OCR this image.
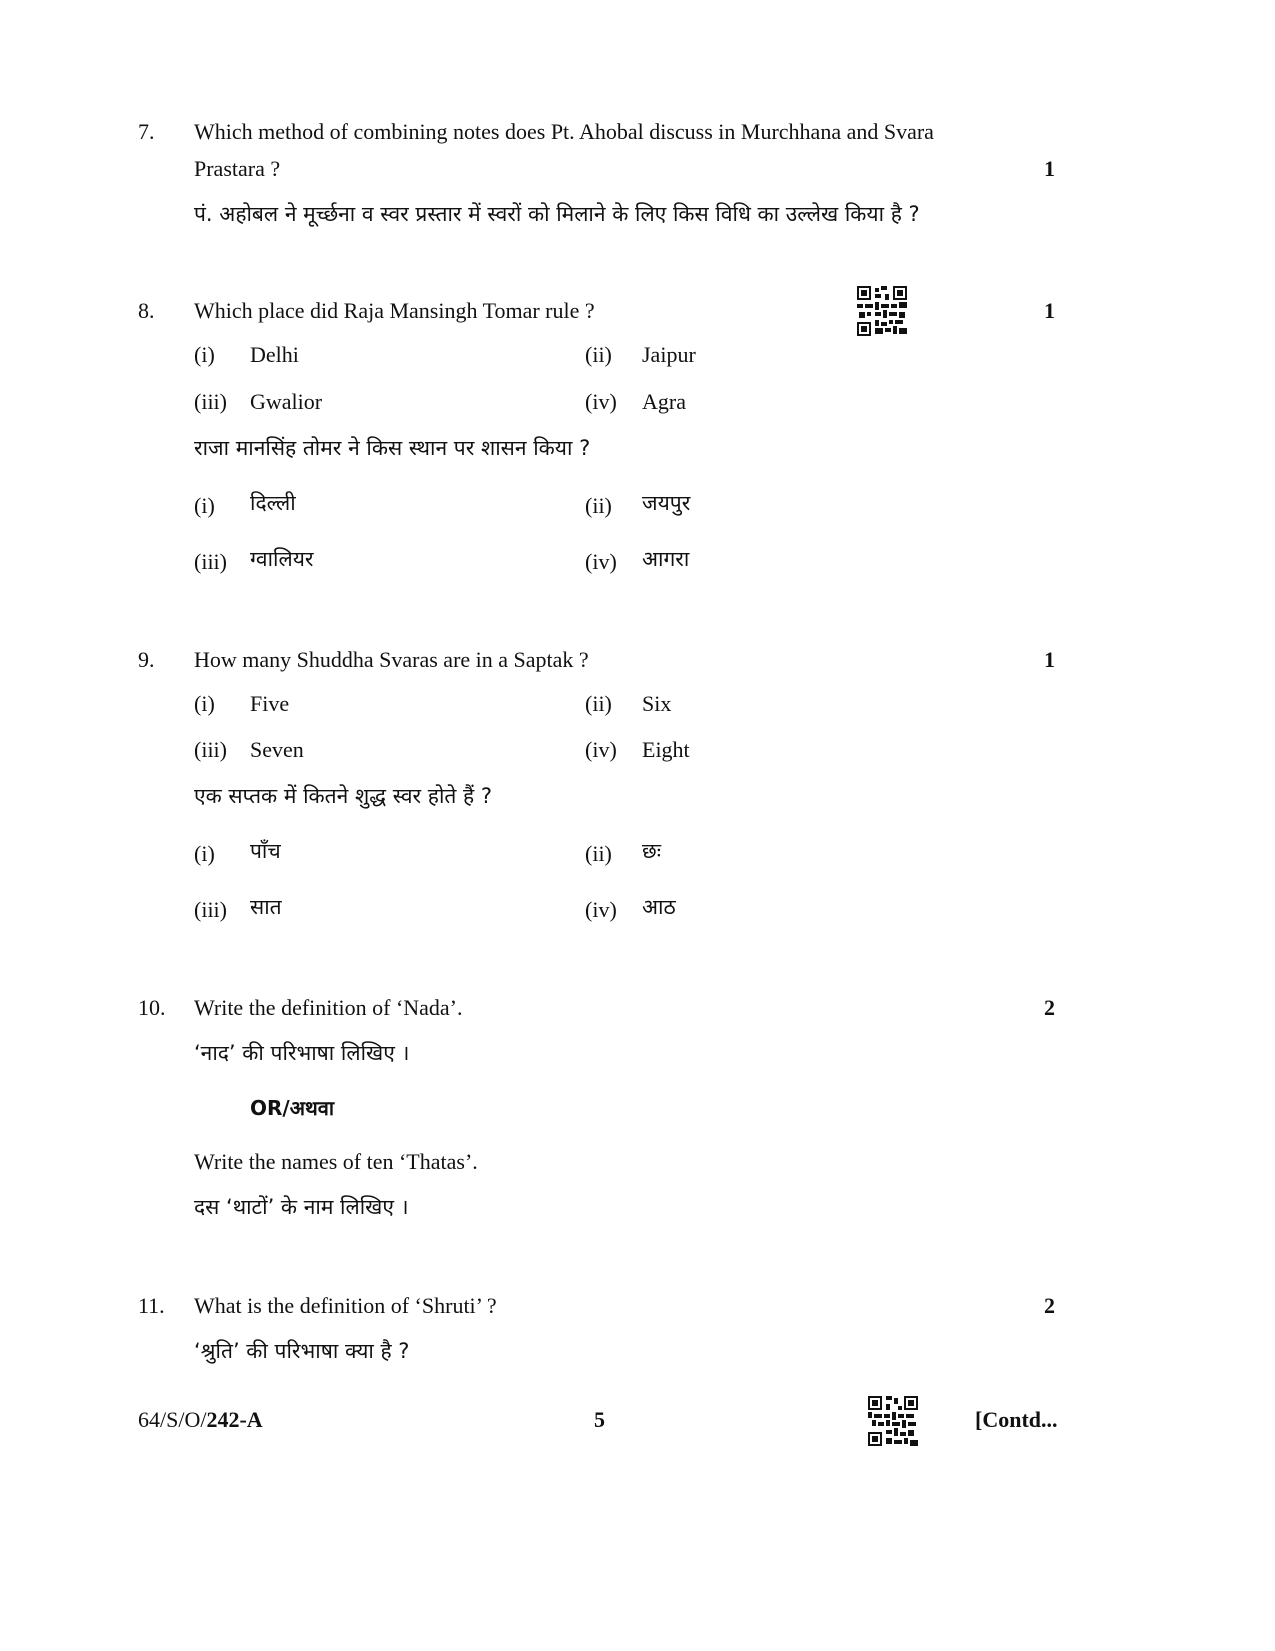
7. Which method of combining notes does Pt. Ahobal discuss in Murchhana and Svara
Prastara ?	1
पं. अहोबल ने मूर्च्छना व स्वर प्रस्तार में स्वरों को मिलाने के लिए किस विधि का उल्लेख किया है ?
8. Which place did Raja Mansingh Tomar rule ?	1
(i) Delhi	(ii) Jaipur
(iii) Gwalior	(iv) Agra
राजा मानसिंह तोमर ने किस स्थान पर शासन किया ?
(i) दिल्ली	(ii) जयपुर
(iii) ग्वालियर	(iv) आगरा
9. How many Shuddha Svaras are in a Saptak ?	1
(i) Five	(ii) Six
(iii) Seven	(iv) Eight
एक सप्तक में कितने शुद्ध स्वर होते हैं ?
(i) पाँच	(ii) छः
(iii) सात	(iv) आठ
10. Write the definition of ‘Nada’.	2
‘नाद’ की परिभाषा लिखिए ।
OR/अथवा
Write the names of ten ‘Thatas’.
दस ‘थाटों’ के नाम लिखिए ।
11. What is the definition of ‘Shruti’ ?	2
‘श्रुति’ की परिभाषा क्या है ?
64/S/O/242-A	5	[Contd...
